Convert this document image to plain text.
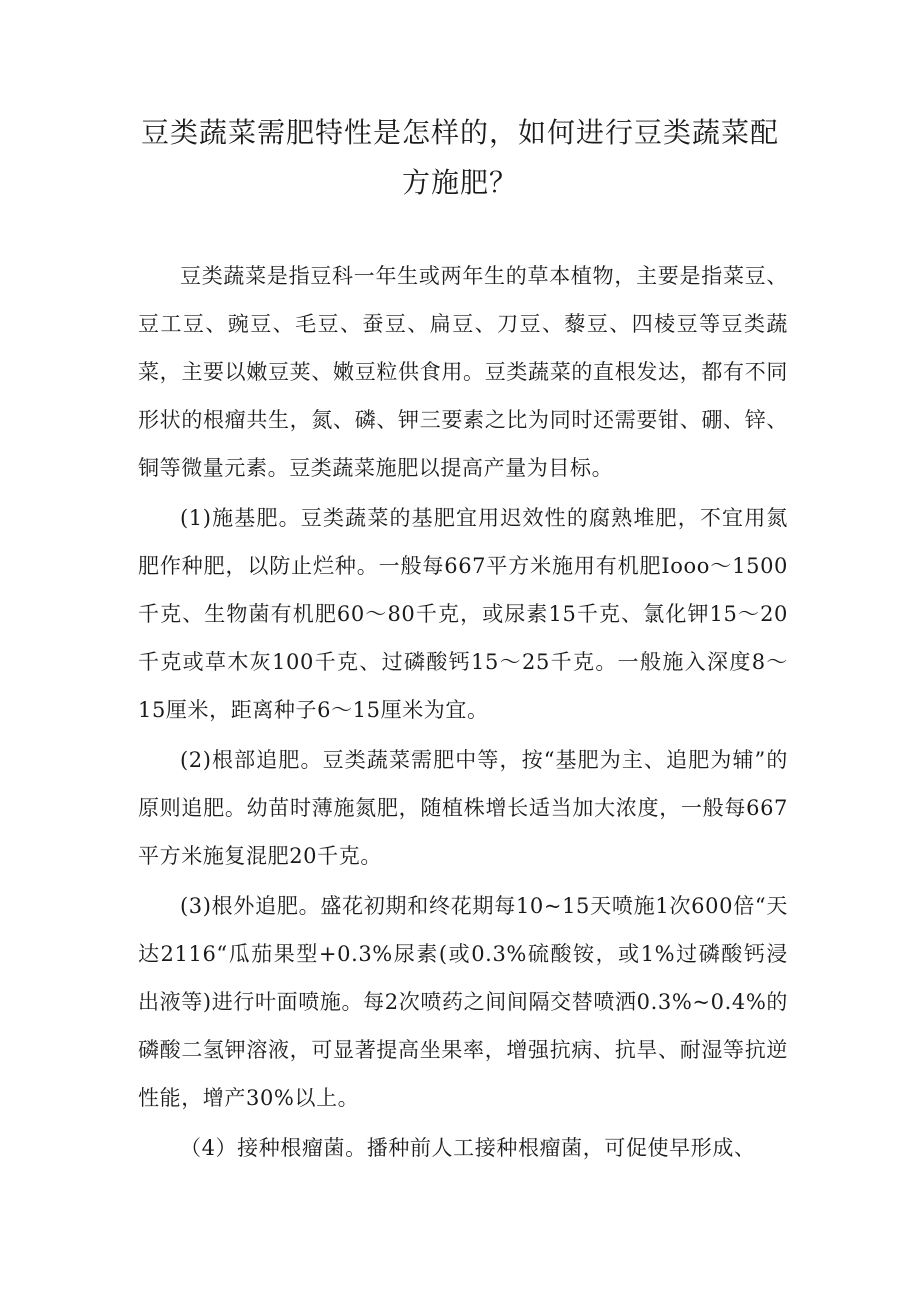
豆类蔬菜需肥特性是怎样的，如何进行豆类蔬菜配方施肥？

豆类蔬菜是指豆科一年生或两年生的草本植物，主要是指菜豆、豆工豆、豌豆、毛豆、蚕豆、扁豆、刀豆、藜豆、四棱豆等豆类蔬菜，主要以嫩豆荚、嫩豆粒供食用。豆类蔬菜的直根发达，都有不同形状的根瘤共生，氮、磷、钾三要素之比为同时还需要钳、硼、锌、铜等微量元素。豆类蔬菜施肥以提高产量为目标。

(1)施基肥。豆类蔬菜的基肥宜用迟效性的腐熟堆肥，不宜用氮肥作种肥，以防止烂种。一般每667平方米施用有机肥Iooo～1500千克、生物菌有机肥60～80千克，或尿素15千克、氯化钾15～20千克或草木灰100千克、过磷酸钙15～25千克。一般施入深度8～15厘米，距离种子6～15厘米为宜。

(2)根部追肥。豆类蔬菜需肥中等，按“基肥为主、追肥为辅”的原则追肥。幼苗时薄施氮肥，随植株增长适当加大浓度，一般每667平方米施复混肥20千克。

(3)根外追肥。盛花初期和终花期每10~15天喷施1次600倍“天达2116“瓜茄果型+0.3%尿素(或0.3%硫酸铵，或1%过磷酸钙浸出液等)进行叶面喷施。每2次喷药之间间隔交替喷洒0.3%~0.4%的磷酸二氢钾溶液，可显著提高坐果率，增强抗病、抗旱、耐湿等抗逆性能，增产30%以上。

（4）接种根瘤菌。播种前人工接种根瘤菌，可促使早形成、
